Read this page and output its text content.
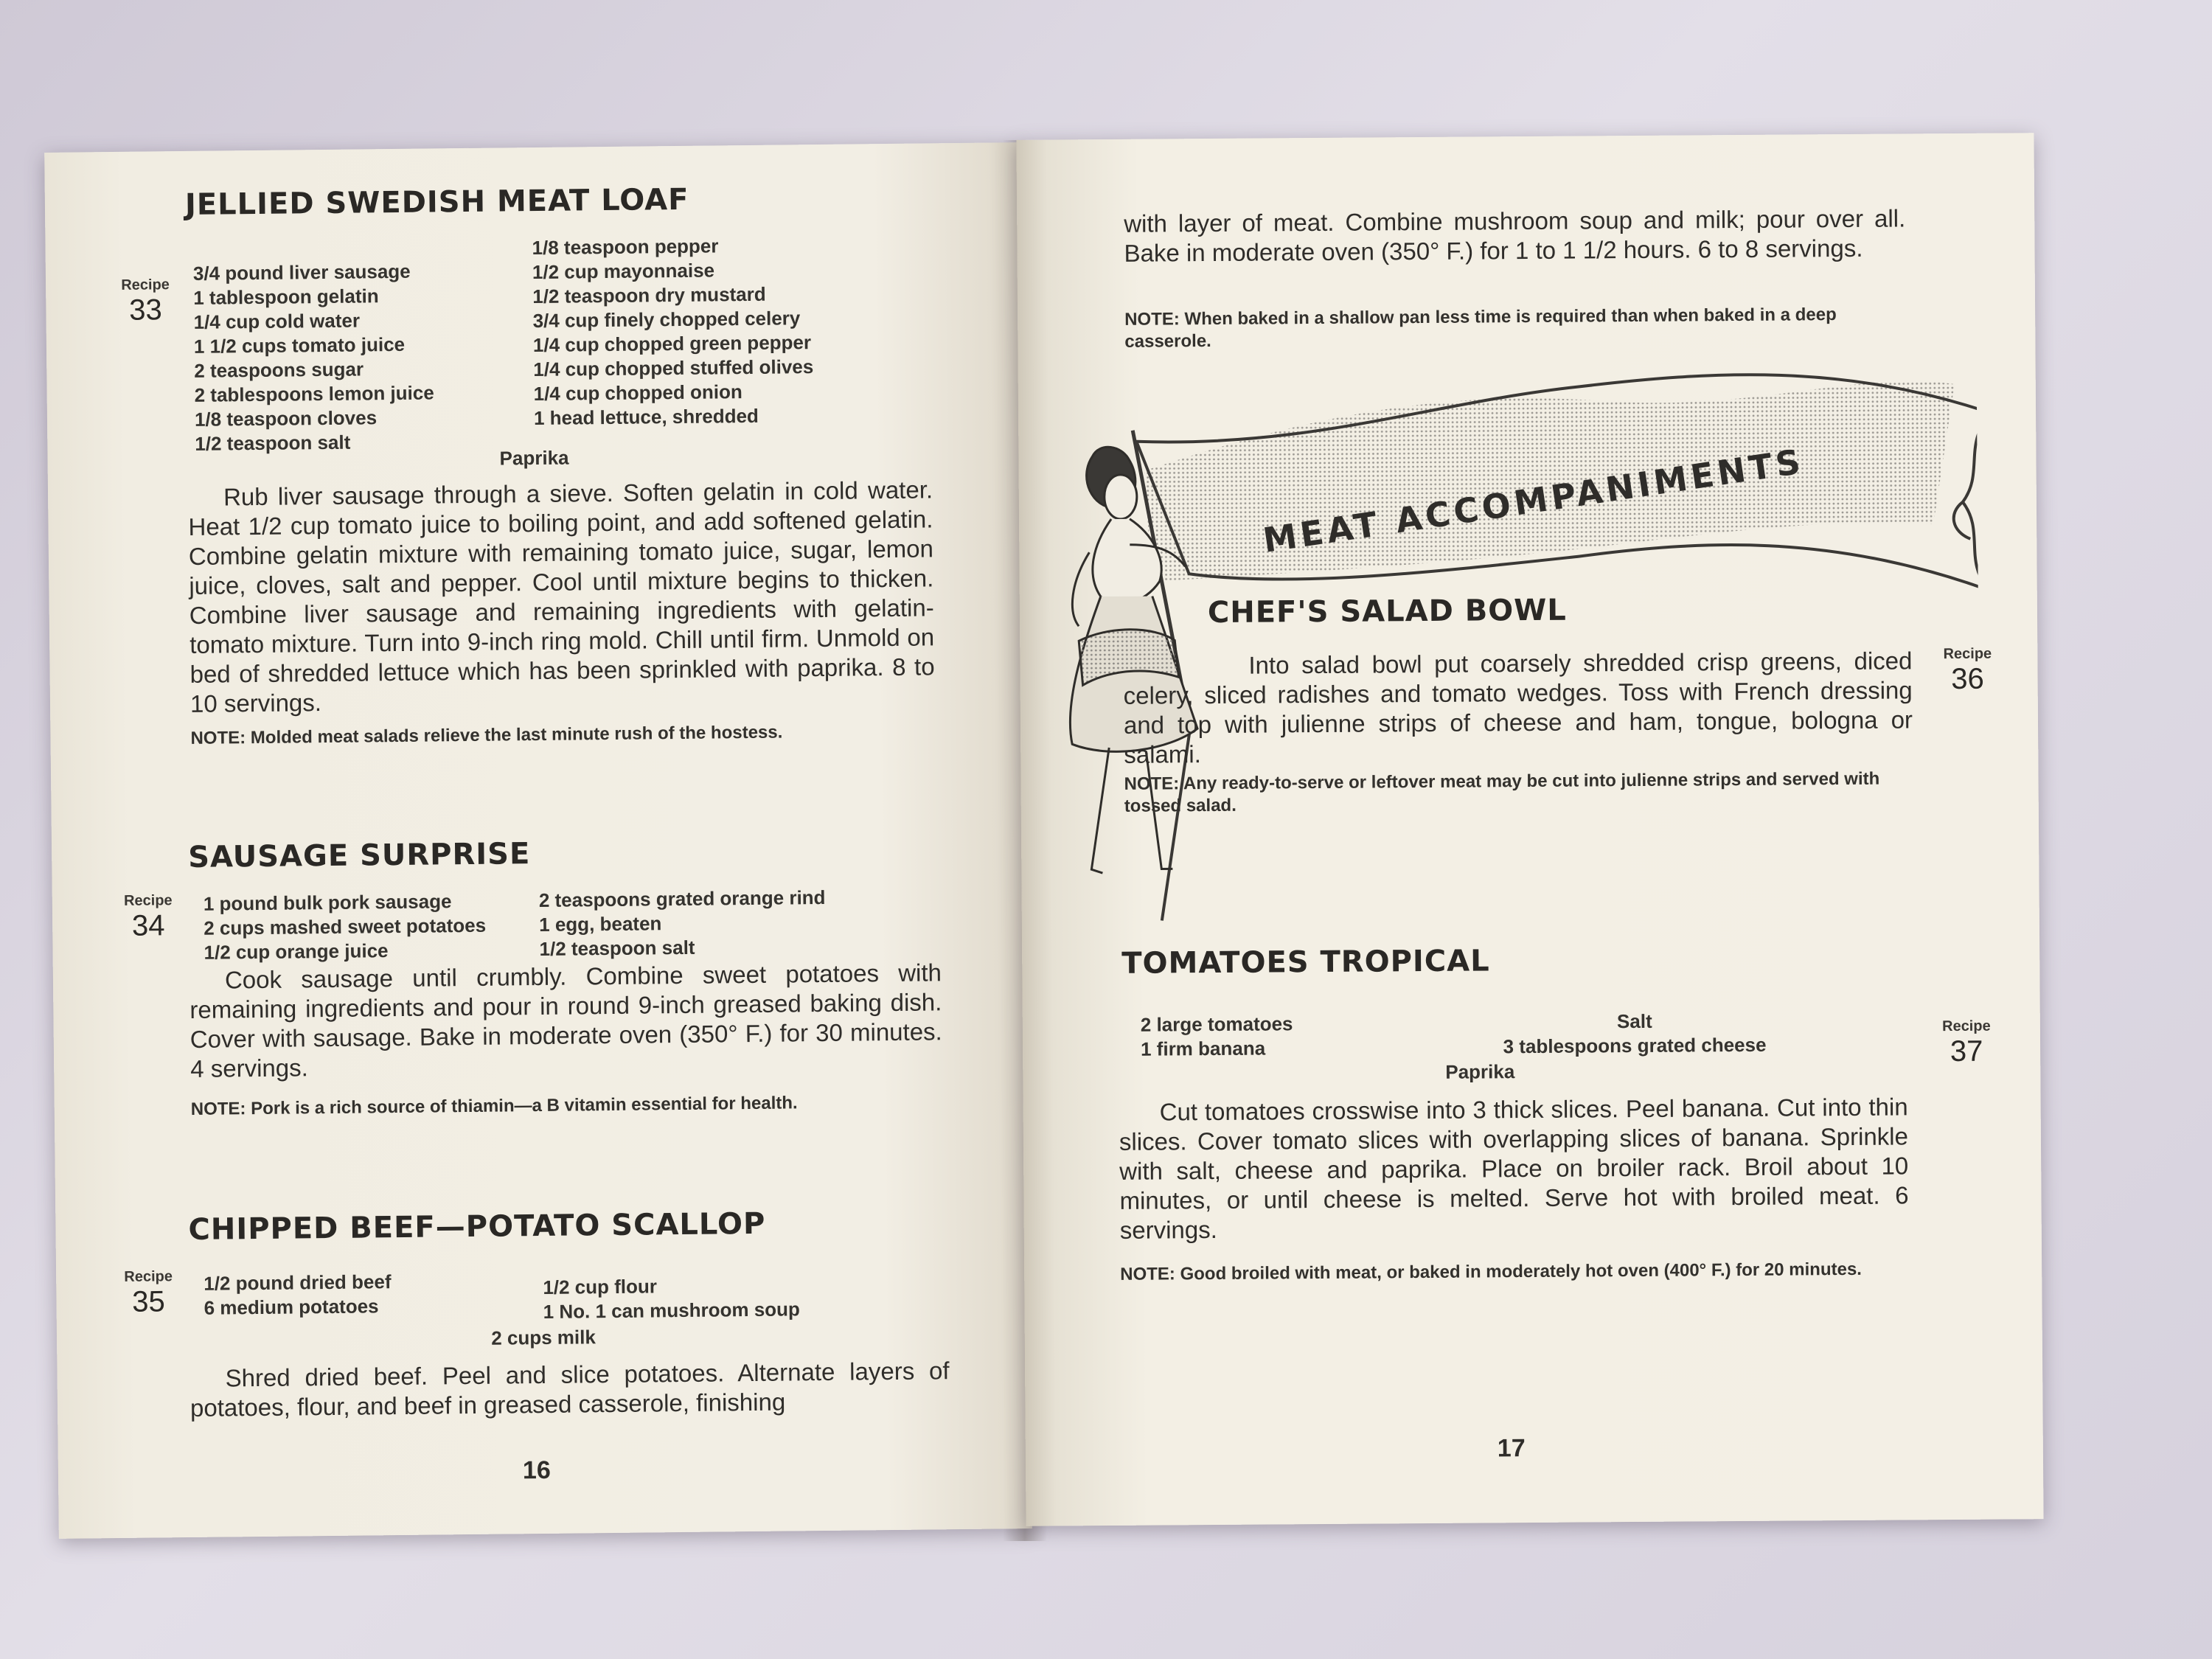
JELLIED SWEDISH MEAT LOAF
Recipe
33
3/4 pound liver sausage
1 tablespoon gelatin
1/4 cup cold water
1 1/2 cups tomato juice
2 teaspoons sugar
2 tablespoons lemon juice
1/8 teaspoon cloves
1/2 teaspoon salt
1/8 teaspoon pepper
1/2 cup mayonnaise
1/2 teaspoon dry mustard
3/4 cup finely chopped celery
1/4 cup chopped green pepper
1/4 cup chopped stuffed olives
1/4 cup chopped onion
1 head lettuce, shredded
Paprika
Rub liver sausage through a sieve. Soften gelatin in cold water. Heat 1/2 cup tomato juice to boiling point, and add softened gelatin. Combine gelatin mixture with remaining tomato juice, sugar, lemon juice, cloves, salt and pepper. Cool until mixture begins to thicken. Combine liver sausage and remaining ingredients with gelatin-tomato mixture. Turn into 9-inch ring mold. Chill until firm. Unmold on bed of shredded lettuce which has been sprinkled with paprika. 8 to 10 servings.
NOTE: Molded meat salads relieve the last minute rush of the hostess.
SAUSAGE SURPRISE
Recipe
34
1 pound bulk pork sausage
2 cups mashed sweet potatoes
1/2 cup orange juice
2 teaspoons grated orange rind
1 egg, beaten
1/2 teaspoon salt
Cook sausage until crumbly. Combine sweet potatoes with remaining ingredients and pour in round 9-inch greased baking dish. Cover with sausage. Bake in moderate oven (350° F.) for 30 minutes. 4 servings.
NOTE: Pork is a rich source of thiamin—a B vitamin essential for health.
CHIPPED BEEF—POTATO SCALLOP
Recipe
35
1/2 pound dried beef
6 medium potatoes
1/2 cup flour
1 No. 1 can mushroom soup
2 cups milk
Shred dried beef. Peel and slice potatoes. Alternate layers of potatoes, flour, and beef in greased casserole, finishing
16
with layer of meat. Combine mushroom soup and milk; pour over all. Bake in moderate oven (350° F.) for 1 to 1 1/2 hours. 6 to 8 servings.
NOTE: When baked in a shallow pan less time is required than when baked in a deep casserole.
MEAT ACCOMPANIMENTS
CHEF'S SALAD BOWL
Recipe
36
Into salad bowl put coarsely shredded crisp greens, diced celery, sliced radishes and tomato wedges. Toss with French dressing and top with julienne strips of cheese and ham, tongue, bologna or salami.
NOTE: Any ready-to-serve or leftover meat may be cut into julienne strips and served with tossed salad.
TOMATOES TROPICAL
Recipe
37
2 large tomatoes
1 firm banana
Salt
3 tablespoons grated cheese
Paprika
Cut tomatoes crosswise into 3 thick slices. Peel banana. Cut into thin slices. Cover tomato slices with overlapping slices of banana. Sprinkle with salt, cheese and paprika. Place on broiler rack. Broil about 10 minutes, or until cheese is melted. Serve hot with broiled meat. 6 servings.
NOTE: Good broiled with meat, or baked in moderately hot oven (400° F.) for 20 minutes.
17
